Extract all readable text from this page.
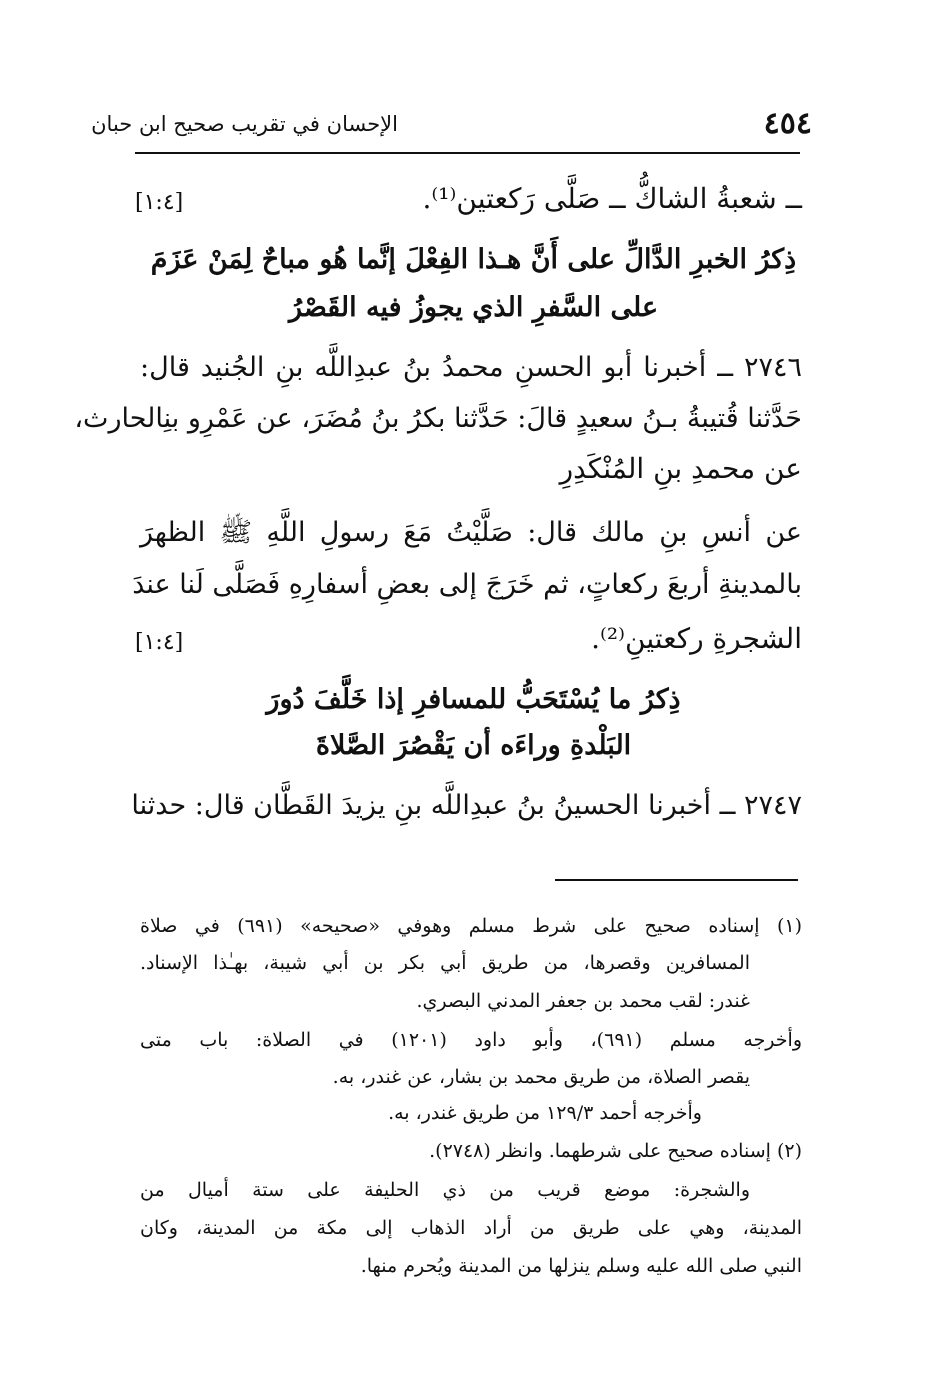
الإحسان في تقريب صحيح ابن حبان	٤٥٤
ــ شعبةُ الشاكُّ ــ صَلَّى رَكعتين⁽¹⁾.
[١:٤]
ذِكرُ الخبرِ الدَّالِّ على أَنَّ هـذا الفِعْلَ إنَّما هُو مباحٌ لِمَنْ عَزَمَ
على السَّفرِ الذي يجوزُ فيه القَصْرُ
٢٧٤٦ ــ أخبرنا أبو الحسنِ محمدُ بنُ عبدِاللَّه بنِ الجُنيد قال:
حَدَّثنا قُتيبةُ بـنُ سعيدٍ قالَ: حَدَّثنا بكرُ بنُ مُضَرَ، عن عَمْرِو بنِالحارث،
عن محمدِ بنِ المُنْكَدِرِ
عن أنسِ بنِ مالك قال: صَلَّيْتُ مَعَ رسولِ اللَّهِ ﷺ الظهرَ
بالمدينةِ أربعَ ركعاتٍ، ثم خَرَجَ إلى بعضِ أسفارِهِ فَصَلَّى لَنا عندَ
الشجرةِ ركعتينِ⁽²⁾.
[١:٤]
ذِكرُ ما يُسْتَحَبُّ للمسافرِ إذا خَلَّفَ دُورَ
البَلْدةِ وراءَه أن يَقْصُرَ الصَّلاةَ
٢٧٤٧ ــ أخبرنا الحسينُ بنُ عبدِاللَّه بنِ يزيدَ القَطَّان قال: حدثنا
(١) إسناده صحيح على شرط مسلم وهوفي «صحيحه» (٦٩١) في صلاة
المسافرين وقصرها، من طريق أبي بكر بن أبي شيبة، بهـٰذا الإسناد.
غندر: لقب محمد بن جعفر المدني البصري.
وأخرجه مسلم (٦٩١)، وأبو داود (١٢٠١) في الصلاة: باب متى
يقصر الصلاة، من طريق محمد بن بشار، عن غندر، به.
وأخرجه أحمد ١٢٩/٣ من طريق غندر، به.
(٢) إسناده صحيح على شرطهما. وانظر (٢٧٤٨).
والشجرة: موضع قريب من ذي الحليفة على ستة أميال من
المدينة، وهي على طريق من أراد الذهاب إلى مكة من المدينة، وكان
النبي صلى الله عليه وسلم ينزلها من المدينة ويُحرم منها.
